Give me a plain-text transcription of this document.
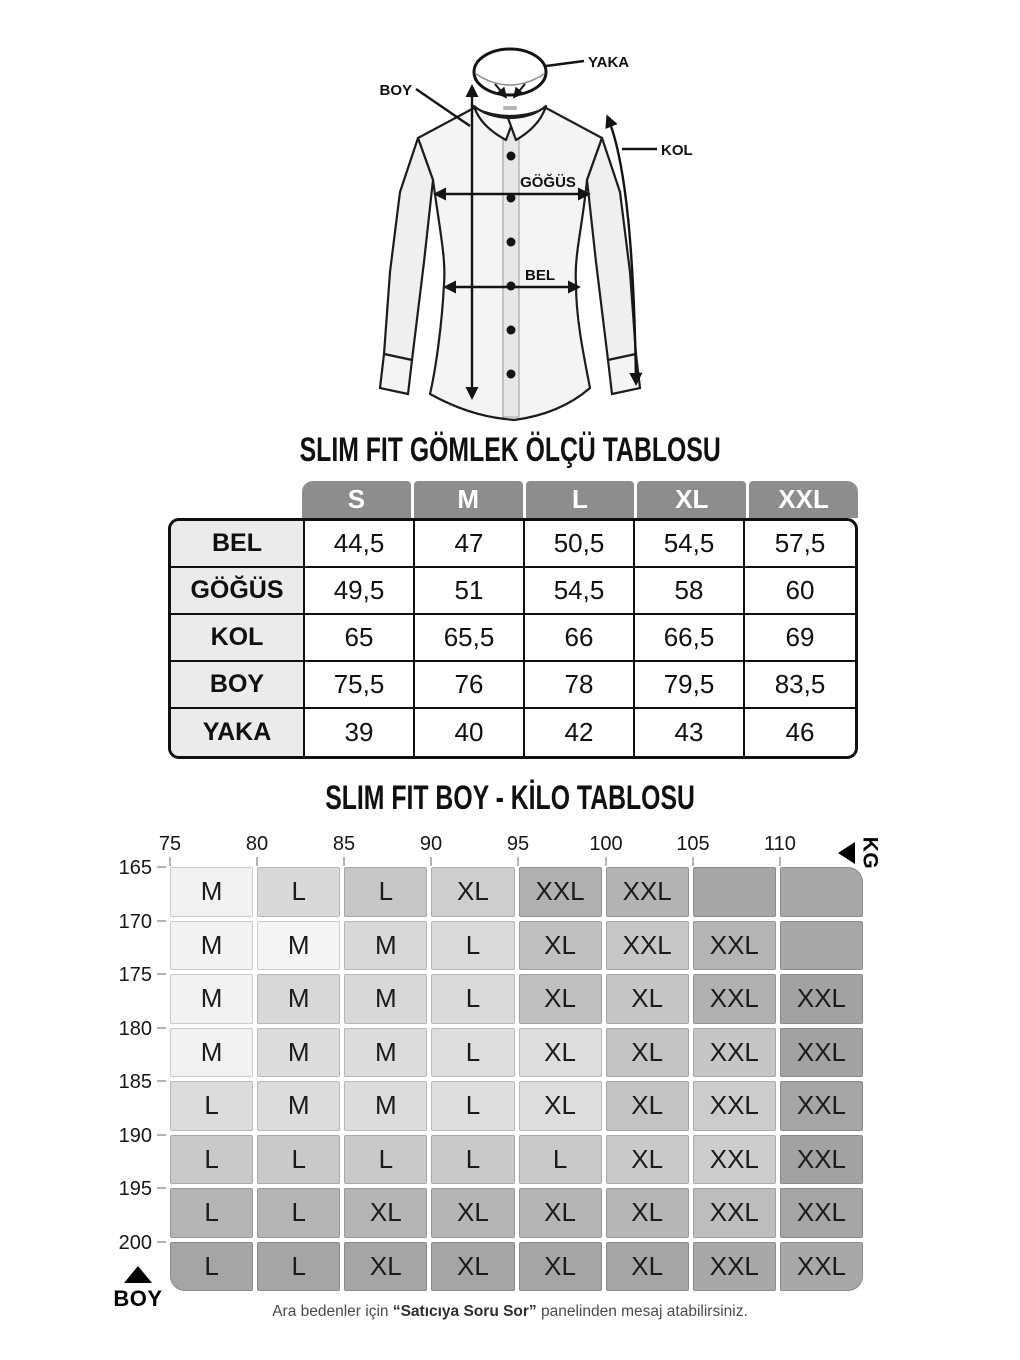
BOY
YAKA
KOL
GÖĞÜS
BEL
SLIM FIT GÖMLEK ÖLÇÜ TABLOSU
S	M	L	XL	XXL
BEL	44,5	47	50,5	54,5	57,5
GÖĞÜS	49,5	51	54,5	58	60
KOL	65	65,5	66	66,5	69
BOY	75,5	76	78	79,5	83,5
YAKA	39	40	42	43	46
SLIM FIT BOY - KİLO TABLOSU
75	80	85	90	95	100	105	110	KG
165
170
175
180
185
190
195
200
BOY
M	L	L	XL	XXL	XXL
M	M	M	L	XL	XXL	XXL
M	M	M	L	XL	XL	XXL	XXL
M	M	M	L	XL	XL	XXL	XXL
L	M	M	L	XL	XL	XXL	XXL
L	L	L	L	L	XL	XXL	XXL
L	L	XL	XL	XL	XL	XXL	XXL
L	L	XL	XL	XL	XL	XXL	XXL
Ara bedenler için “Satıcıya Soru Sor” panelinden mesaj atabilirsiniz.
